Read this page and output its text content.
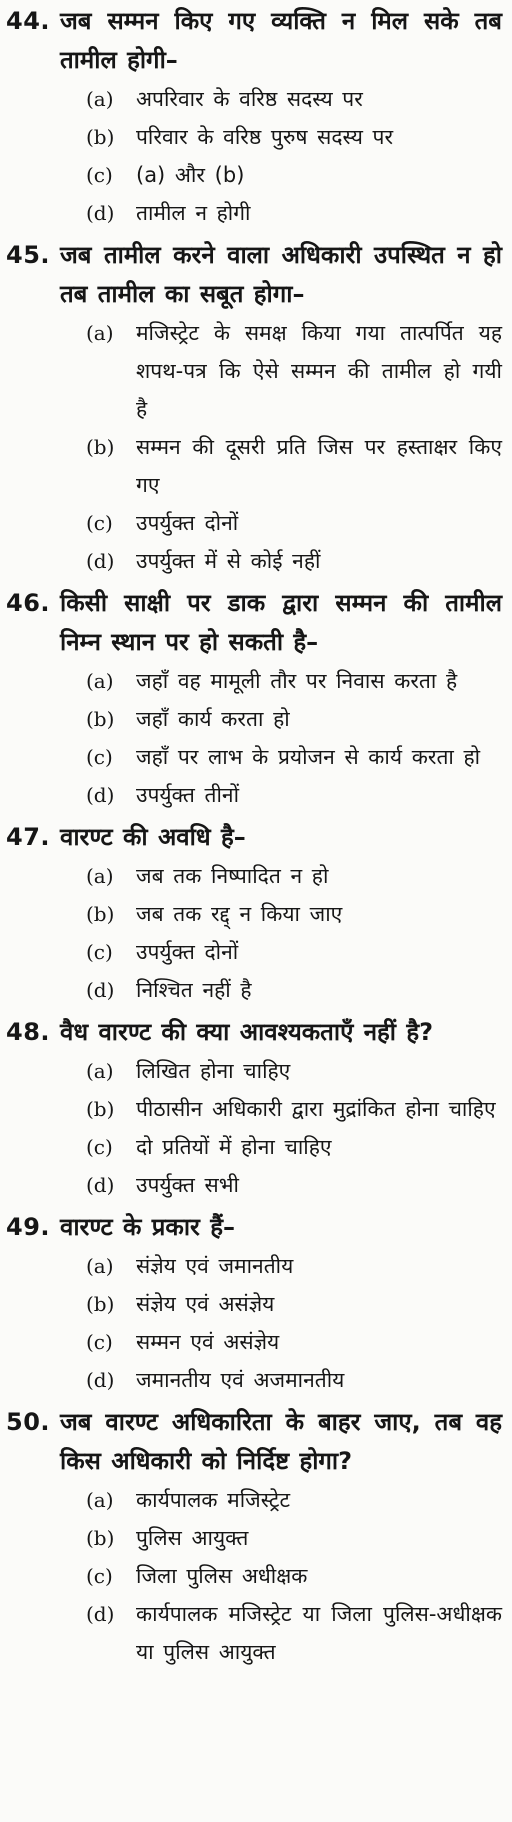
44. जब सम्मन किए गए व्यक्ति न मिल सके तब तामील होगी–
(a)	अपरिवार के वरिष्ठ सदस्य पर
(b)	परिवार के वरिष्ठ पुरुष सदस्य पर
(c)	(a) और (b)
(d)	तामील न होगी
45. जब तामील करने वाला अधिकारी उपस्थित न हो तब तामील का सबूत होगा–
(a)	मजिस्ट्रेट के समक्ष किया गया तात्पर्पित यह शपथ-पत्र कि ऐसे सम्मन की तामील हो गयी है
(b)	सम्मन की दूसरी प्रति जिस पर हस्ताक्षर किए गए
(c)	उपर्युक्त दोनों
(d)	उपर्युक्त में से कोई नहीं
46. किसी साक्षी पर डाक द्वारा सम्मन की तामील निम्न स्थान पर हो सकती है–
(a)	जहाँ वह मामूली तौर पर निवास करता है
(b)	जहाँ कार्य करता हो
(c)	जहाँ पर लाभ के प्रयोजन से कार्य करता हो
(d)	उपर्युक्त तीनों
47. वारण्ट की अवधि है–
(a)	जब तक निष्पादित न हो
(b)	जब तक रद्द् न किया जाए
(c)	उपर्युक्त दोनों
(d)	निश्चित नहीं है
48. वैध वारण्ट की क्या आवश्यकताएँ नहीं है?
(a)	लिखित होना चाहिए
(b)	पीठासीन अधिकारी द्वारा मुद्रांकित होना चाहिए
(c)	दो प्रतियों में होना चाहिए
(d)	उपर्युक्त सभी
49. वारण्ट के प्रकार हैं–
(a)	संज्ञेय एवं जमानतीय
(b)	संज्ञेय एवं असंज्ञेय
(c)	सम्मन एवं असंज्ञेय
(d)	जमानतीय एवं अजमानतीय
50. जब वारण्ट अधिकारिता के बाहर जाए, तब वह किस अधिकारी को निर्दिष्ट होगा?
(a)	कार्यपालक मजिस्ट्रेट
(b)	पुलिस आयुक्त
(c)	जिला पुलिस अधीक्षक
(d)	कार्यपालक मजिस्ट्रेट या जिला पुलिस-अधीक्षक या पुलिस आयुक्त
